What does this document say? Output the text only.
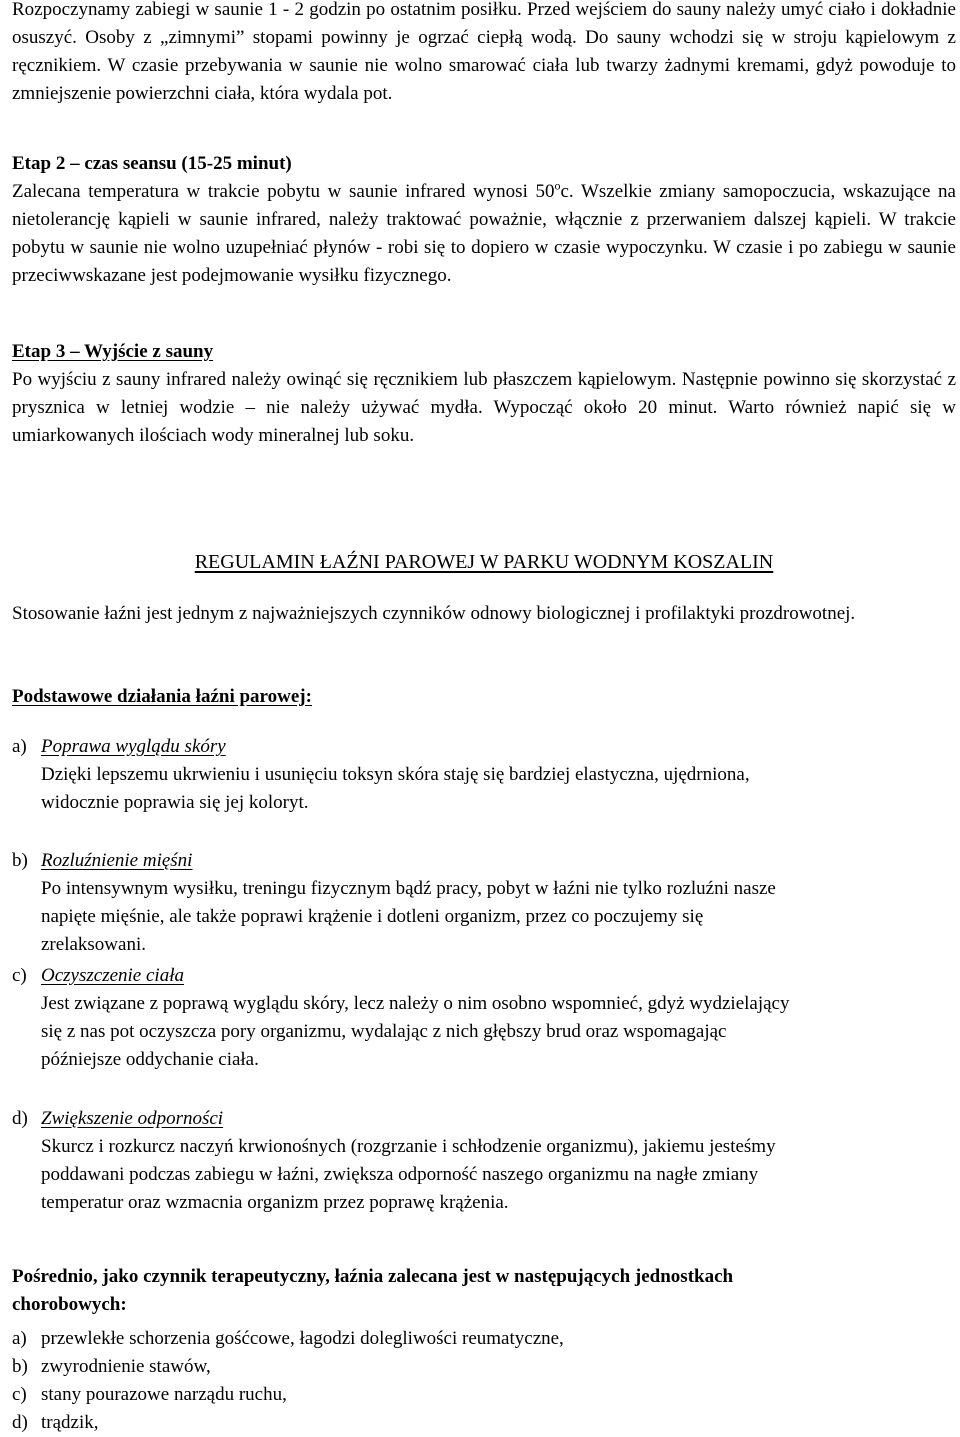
Rozpoczynamy zabiegi w saunie 1 - 2 godzin po ostatnim posiłku. Przed wejściem do sauny należy umyć ciało i dokładnie osuszyć. Osoby z „zimnymi” stopami powinny je ogrzać ciepłą wodą. Do sauny wchodzi się w stroju kąpielowym z ręcznikiem. W czasie przebywania w saunie nie wolno smarować ciała lub twarzy żadnymi kremami, gdyż powoduje to zmniejszenie powierzchni ciała, która wydala pot.

Etap 2 – czas seansu (15-25 minut)

Zalecana temperatura w trakcie pobytu w saunie infrared wynosi 50$^o$c. Wszelkie zmiany samopoczucia, wskazujące na nietolerancję kąpieli w saunie infrared, należy traktować poważnie, włącznie z przerwaniem dalszej kąpieli. W trakcie pobytu w saunie nie wolno uzupełniać płynów - robi się to dopiero w czasie wypoczynku. W czasie i po zabiegu w saunie przeciwwskazane jest podejmowanie wysiłku fizycznego.

Etap 3 – Wyjście z sauny

Po wyjściu z sauny infrared należy owinąć się ręcznikiem lub płaszczem kąpielowym. Następnie powinno się skorzystać z prysznica w letniej wodzie – nie należy używać mydła. Wypocząć około 20 minut. Warto również napić się w umiarkowanych ilościach wody mineralnej lub soku.

REGULAMIN ŁAŹNI PAROWEJ W PARKU WODNYM KOSZALIN

Stosowanie łaźni jest jednym z najważniejszych czynników odnowy biologicznej i profilaktyki prozdrowotnej.

Podstawowe działania łaźni parowej:
a) Poprawa wyglądu skóry
Dzięki lepszemu ukrwieniu i usunięciu toksyn skóra staję się bardziej elastyczna, ujędrniona,
widocznie poprawia się jej koloryt.
b) Rozluźnienie mięśni
Po intensywnym wysiłku, treningu fizycznym bądź pracy, pobyt w łaźni nie tylko rozluźni nasze
napięte mięśnie, ale także poprawi krążenie i dotleni organizm, przez co poczujemy się
zrelaksowani.
c) Oczyszczenie ciała
Jest związane z poprawą wyglądu skóry, lecz należy o nim osobno wspomnieć, gdyż wydzielający
się z nas pot oczyszcza pory organizmu, wydalając z nich głębszy brud oraz wspomagając
późniejsze oddychanie ciała.
d) Zwiększenie odporności
Skurcz i rozkurcz naczyń krwionośnych (rozgrzanie i schłodzenie organizmu), jakiemu jesteśmy
poddawani podczas zabiegu w łaźni, zwiększa odporność naszego organizmu na nagłe zmiany
temperatur oraz wzmacnia organizm przez poprawę krążenia.
Pośrednio, jako czynnik terapeutyczny, łaźnia zalecana jest w następujących jednostkach
chorobowych:
a) przewlekłe schorzenia gośćcowe, łagodzi dolegliwości reumatyczne,
b) zwyrodnienie stawów,
c) stany pourazowe narządu ruchu,
d) trądzik,
